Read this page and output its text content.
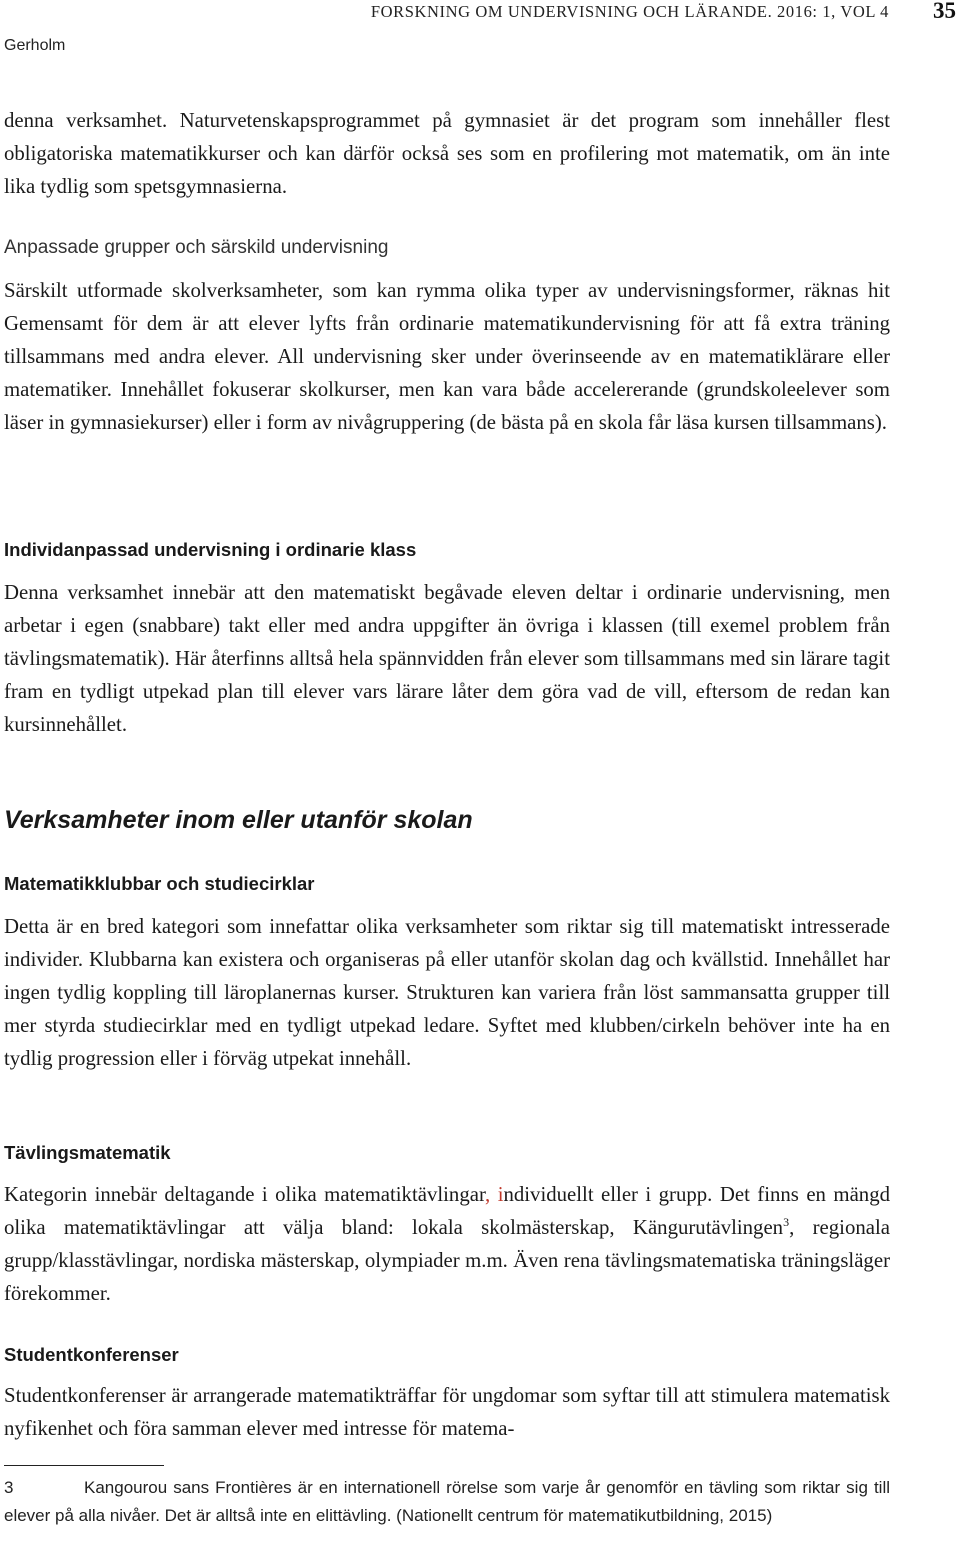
FORSKNING OM UNDERVISNING OCH LÄRANDE. 2016: 1, VOL 4	35
Gerholm

denna verksamhet. Naturvetenskapsprogrammet på gymnasiet är det program som innehåller flest obligatoriska matematikkurser och kan därför också ses som en profilering mot matematik, om än inte lika tydlig som spetsgymnasierna.

Anpassade grupper och särskild undervisning

Särskilt utformade skolverksamheter, som kan rymma olika typer av undervisningsformer, räknas hit Gemensamt för dem är att elever lyfts från ordinarie matematikundervisning för att få extra träning tillsammans med andra elever. All undervisning sker under överinseende av en matematiklärare eller matematiker. Innehållet fokuserar skolkurser, men kan vara både accelererande (grundskoleelever som läser in gymnasiekurser) eller i form av nivågruppering (de bästa på en skola får läsa kursen tillsammans).

Individanpassad undervisning i ordinarie klass

Denna verksamhet innebär att den matematiskt begåvade eleven deltar i ordinarie undervisning, men arbetar i egen (snabbare) takt eller med andra uppgifter än övriga i klassen (till exemel problem från tävlingsmatematik). Här återfinns alltså hela spännvidden från elever som tillsammans med sin lärare tagit fram en tydligt utpekad plan till elever vars lärare låter dem göra vad de vill, eftersom de redan kan kursinnehållet.

Verksamheter inom eller utanför skolan
Matematikklubbar och studiecirklar

Detta är en bred kategori som innefattar olika verksamheter som riktar sig till matematiskt intresserade individer. Klubbarna kan existera och organiseras på eller utanför skolan dag och kvällstid. Innehållet har ingen tydlig koppling till läroplanernas kurser. Strukturen kan variera från löst sammansatta grupper till mer styrda studiecirklar med en tydligt utpekad ledare. Syftet med klubben/cirkeln behöver inte ha en tydlig progression eller i förväg utpekat innehåll.

Tävlingsmatematik

Kategorin innebär deltagande i olika matematiktävlingar, individuellt eller i grupp. Det finns en mängd olika matematiktävlingar att välja bland: lokala skolmästerskap, Kängurutävlingen$^3$, regionala grupp/klasstävlingar, nordiska mästerskap, olympiader m.m. Även rena tävlingsmatematiska träningsläger förekommer.

Studentkonferenser

Studentkonferenser är arrangerade matematikträffar för ungdomar som syftar till att stimulera matematisk nyfikenhet och föra samman elever med intresse för matema-

3	Kangourou sans Frontières är en internationell rörelse som varje år genomför en tävling som riktar sig till elever på alla nivåer. Det är alltså inte en elittävling. (Nationellt centrum för matematikutbildning, 2015)
